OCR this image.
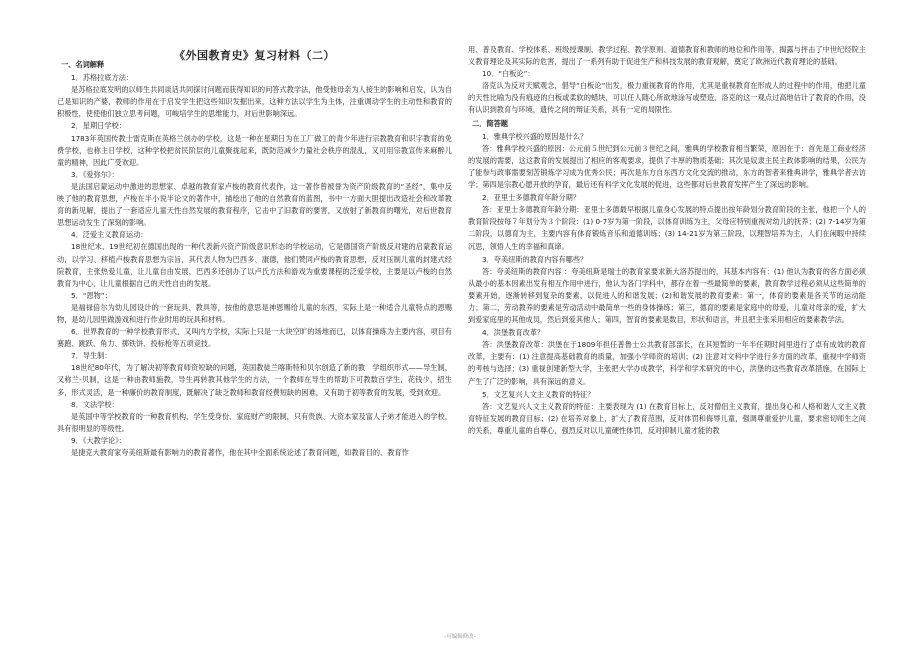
《外国教育史》复习材料（二）
一、名词解释
1．苏格拉底方法：

是苏格拉底发明的以师生共同谈话共同探讨问题而获得知识的问答式教学法，他受他母亲为人接生的影响和启发，认为自己是知识的产婆，教师的作用在于启发学生把这些知识发掘出来，这种方法以学生为主体，注重调动学生的主动性和教育的积极性，使使他们独立思考问题，可峻培学生的思维能力，对后世影响深远。

2．星期日学校：

1783年英国传教士雷克斯在英格兰创办的学校，这是一种在星期日为在工厂做工的青少年进行宗教教育和识字教育的免费学校，也称主日学校，这种学校把贫民阶层的儿童聚拢起来，既防范减少力量社会秩序的混乱，又可用宗教宣传来麻醉儿童的精神，因此广受欢迎。

3．《爱弥尔》：

是法国启蒙运动中激进的思想家、卓越的教育家卢梭的教育代表作，这一著作曾被誉为资产阶级教育的“圣经”，集中反映了他的教育思想，卢梭在半小说半论文的著作中，描绘出了他的自然教育的蓝图，书中一方面大胆提出改造社会和改革教育的新见解，提出了一套适应儿童天性自然发展的教育程序，它击中了旧教育的要害，又放射了新教育的曙光，对后世教育思想运动发生了深刻的影响。

4．泛爱主义教育运动：

18世纪末、19世纪初在德国出现的一种代表新兴资产阶级意识形态的学校运动，它是德国资产阶级反对建的启蒙教育运动，以学习、移植卢梭教育思想为宗旨，其代表人物为巴西多、康德，他们赞同卢梭的教育思想，反对压制儿童的封建式经院教育，主张热爱儿童，让儿童自由发展，巴西多还创办了以卢氏方法和游戏为重要课程的泛爱学校，主要是以卢梭的自然教育为中心，让儿童根据自己的天性自由的发展。

5．“恩物”：

是福禄倍尔为幼儿园设计的一套玩具、教具等，按他的意思是神恩赐给儿童的东西，实际上是一种适合儿童特点的恩赐物，是幼儿园里做游戏和进行作业时用的玩具和材料。

6．世界教育的一种学校教育形式，又叫内方学校，实际上只是一大块空旷的场地而已，以体育操练为主要内容，项目有赛跑、跳跃、角力、掷铁饼、投标枪等五项竞技。

7．导生制：

18世纪80年代，为了解决初等教育师资短缺的问题，英国教徒兰喀斯特和贝尔创造了新的教　学组织形式——导生制，又称兰-贝制，这是一种由教师施教，导生再转教其他学生的方法，一个教师在导生的帮助下可教数百学生，花钱少，招生多，形式灵活，是一种廉价的教育制度，既解决了缺乏教师和教育经费短缺的困难，又有助于初等教育的发展，受到欢迎。

8．文法学校：

是英国中等学校教育的一种教育机构，学生受身份、家庭财产的限制，只有贵族、大资本家及富人子弟才能进入的学校，具有很明显的等级性。

9．《大教学论》：

是捷克大教育家夸美纽斯最有影响力的教育著作，他在其中全面系统论述了教育问题，如教育目的、教育作

用、普及教育、学校体系、班级授课制、教学过程、教学原则、道德教育和教师的地位和作用等，揭露与抨击了中世纪经院主义教育理论及其实际的危害，提出了一系列有助于促进生产和科技发展的教育观解，奠定了欧洲近代教育理论的基础。

10．“白板论”：

洛克认为反对天赋观念，倡导“白板论”出发，极力重视教育的作用，尤其是重视教育在形成人的过程中的作用，他把儿童的天性比喻为没有痕迹的白板或柔软的蜡块，可以任人随心所欲地涂写或塑造，洛克的这一观点过高地估计了教育的作用，没有认识到教育与环境，遗传之间的辩证关系，具有一定的局限性。

二．简答题
1．雅典学校兴盛的原因是什么？

答：雅典学校兴盛的原因：公元前５世纪到公元前３世纪之间，雅典的学校教育相当繁荣，原因在于：首先是工商业经济的发展的需要，这这教育的发展提出了相应的客观要求，提供了丰厚的物质基础；其次是奴隶主民主政体影响的结果，公民为了能参与政事需要刻苦锻炼学习成为优秀公民；再次是东方自东西方文化交流的推动，东方的智者来雅典讲学，雅典学者去访学；第四是宗教心愿开放的孕育，最后还有科学文化发展的促进，这些都对后世教育发挥产生了深远的影响。

2．亚里士多德教育年龄分期？

答：亚里士多德教育年龄分期：亚里士多德最早根据儿童身心发展的特点提出按年龄划分教育阶段的主张，他把一个人的教育阶段按每７年划分为３个阶段：(1) 0-7岁为第一阶段，以体育训练为主，父母应特别重视对幼儿的抚养；(2) 7-14岁为第二阶段，以德育为主，主要内容有体育锻炼音乐和道德训练；(3) 14-21岁为第三阶段，以理智培养为主，人们在闲暇中持续沉思，领悟人生的幸福和真谛。

3．夸美纽斯的教育内容有哪些？

答：夸美纽斯的教育内容 ：夸美纽斯是瑞士的教育家要求新大洛苏提出的，其基本内容有：(1) 他认为教育的各方面必须从最小的基本因素出发有相互作用中进行，他认为各门学科中，都存在着一些最简单的要素，教育教学过程必须从这些简单的要素开始，逐渐转移到复杂的要素，以促进人的和谐发展；(2)和谐发展的教育要素：第一，体育的要素是各关节的运动能力；第二，劳动教养的要素是劳动活动中最简单一些的身体操练；第三，德育的要素是家庭中的母爱，儿童对母亲的爱，扩大到爱家庭里的其他成员，然后到爱其他人；第四，智育的要素是数目，形状和语言，并且把主张采用相应的要素教学法。

4．洪堡教育改革？

答：洪堡教育改革：洪堡在于1809年担任普鲁士公共教育部部长，在其短暂的一年半任期时间里进行了卓有成效的教育改革，主要有：(1) 注意提高基础教育的质量，加强小学师资的培训；(2) 注意对文科中学进行多方面的改革，重视中学师资的考核与选择；(3) 重视创建新型大学，主张把大学办成教学，科学和学术研究的中心，洪堡的这些教育改革措施，在国际上产生了广泛的影响，具有深远的意义。

5．文艺复兴人文主义教育的特征？

答：文艺复兴人文主义教育的特征：主要表现为 (1) 在教育目标上，反对僧侣主义教育，提出身心和人格和谐人文主义教育特征发展的教育目标；(2) 在培养对象上，扩大了教育范围，反对体罚和侮辱儿童，强调尊重爱护儿童，要求密切师生之间的关系，尊重儿童的自尊心，强烈反对以儿童硬性体罚，反对抑制儿童才能的教

-可编辑修改-
